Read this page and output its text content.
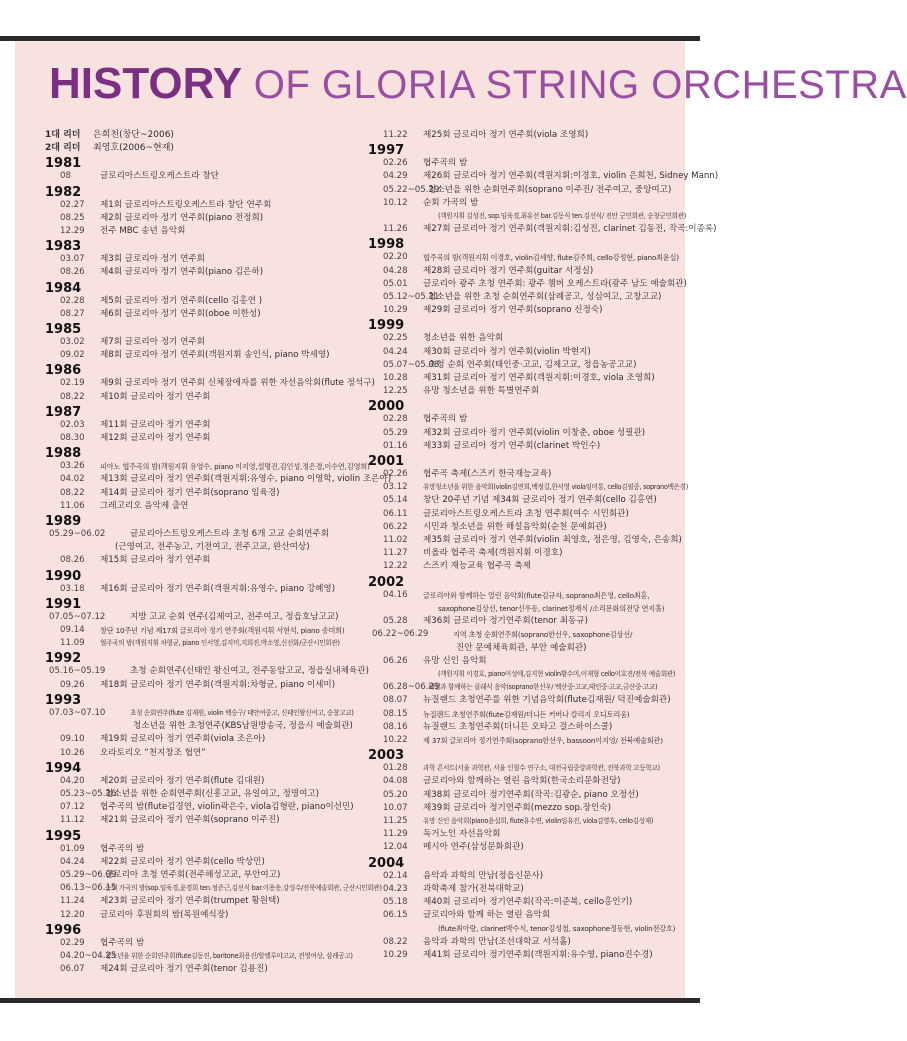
HISTORY OF GLORIA STRING ORCHESTRA
1대 리더	은희천(창단~2006)
2대 리더	최영호(2006~현재)
1981
08	글로리아스트링오케스트라 창단
1982
02.27	제1회 글로리아스트링오케스트라 창단 연주회
08.25	제2회 글로리아 정기 연주회(piano 전정희)
12.29	전주 MBC 송년 음악회
1983
03.07	제3회 글로리아 정기 연주회
08.26	제4회 글로리아 정기 연주회(piano 김은하)
1984
02.28	제5회 글로리아 정기 연주회(cello 김홍연 )
08.27	제6회 글로리아 정기 연주회(oboe 이한성)
1985
03.02	제7회 글로리아 정기 연주회
09.02	제8회 글로리아 정기 연주회(객원지휘 송인식, piano 박세영)
1986
02.19	제9회 글로리아 정기 연주회 신체장애자를 위한 자선음악회(flute 정석구)
08.22	제10회 글로리아 정기 연주회
1987
02.03	제11회 글로리아 정기 연주회
08.30	제12회 글로리아 정기 연주회
1988
03.26	피아노 협주곡의 밤(객원지휘 유영수, piano 이지영,설명진,김인성,정은경,이수연,김영희)
04.02	제13회 글로리아 정기 연주회(객원지휘:유영수, piano 이영학, violin 조은아)
08.22	제14회 글로리아 정기 연주회(soprano 임육경)
11.06	그레고리오 음악제 출연
1989
05.29~06.02	글로리아스트링오케스트라 초청 6개 고교 순회연주회
(근영여고, 전주농고, 기전여고, 전주고교, 완산여상)
08.26	제15회 글로리아 정기 연주회
1990
03.18	제16회 글로리아 정기 연주회(객원지휘:유영수, piano 강혜영)
1991
07.05~07.12	지방 고교 순회 연주(김제여고, 전주여고, 정읍호남고교)
09.14	창단 10주년 기념 제17회 글로리아 정기 연주회(객원지휘 서현석, piano 송미희)
11.09	협주곡의 밤(객원지휘 차형균, piano 인서영,김지미,지희진,박소영,신선화/군산시민회관)
1992
05.16~05.19	초청 순회연주(신태인 왕신여고, 전주동암고교, 정읍실내체육관)
09.26	제18회 글로리아 정기 연주회(객원지휘:차형균, piano 이세미)
1993
07.03~07.10	초청 순회연주(flute 김재원, violin 백승구/ 태안여중고, 신태인왕신여고, 순창고교)
청소년을 위한 초청연주(KBS남원방송국, 정읍시 예술회관)
09.10	제19회 글로리아 정기 연주회(viola 조은아)
10.26	오라토리오 “천지창조 협연”
1994
04.20	제20회 글로리아 정기 연주회(flute 김대원)
05.23~05.26
청소년을 위한 순회연주회(신흥고교, 유일여고, 정명여고)
07.12	협주곡의 밤(flute김경연, violin곽은수, viola김형란, piano이선민)
11.12	제21회 글로리아 정기 연주회(soprano 이주진)
1995
01.09	협주곡의 밤
04.24	제22회 글로리아 정기 연주회(cello 박상민)
05.29~06.09
글로리아 초청 연주회(전주해성고교, 부안여고)
06.13~06.15
순회 가곡의 밤(sop.임육경,윤경희 ten.정준근,김선식 bar.이용송,강성수/전북예술회관, 군산시민회관)
11.24	제23회 글로리아 정기 연주회(trumpet 황원택)
12.20	글로리아 후원회의 밤(목원예식장)
1996
02.29	협주곡의 밤
04.20~04.25
청소년을 위한 순회연주회(flute김동진, baritone최용진/할렐루야고교, 전영여상, 삼례공고)
06.07	제24회 글로리아 정기 연주회(tenor 김용진)
11.22	제25회 글로리아 정기 연주회(viola 조영희)
1997
02.26	협주곡의 밤
04.29	제26회 글로리아 정기 연주회(객원지휘:이경호, violin 은희천, Sidney Mann)
05.22~05.29
청소년을 위한 순회연주회(soprano 이주진/ 전주여고, 중앙여고)
10.12	순회 가곡의 밤
(객원지휘 김성진, sop.임육경,최유선 bar.김동식 ten.김선식/ 진안 군민회관, 순창군민회관)
11.26	제27회 글로리아 정기 연주회(객원지휘:김성진, clarinet 김동진, 작곡:이종록)
1998
02.20	협주곡의 밤(객원지휘 이경호, violin김세향, flute김주희, cello강정현, piano최윤실)
04.28	제28회 글로리아 정기 연주회(guitar 서정실)
05.01	글로리아 광주 초청 연주회: 광주 챔버 오케스트라(광주 남도 예술회관)
05.12~05.21
청소년을 위한 초청 순회연주회(삼례공고, 성심여고, 고창고교)
10.29	제29회 글로리아 정기 연주회(soprano 신정숙)
1999
02.25	청소년을 위한 음악회
04.24	제30회 글로리아 정기 연주회(violin 박현지)
05.07~05.08
초청 순회 연주회(태인중·고교, 김제고교, 정읍농공고교)
10.28	제31회 글로리아 정기 연주회(객원지휘:이경호, viola 조영희)
12.25	유망 청소년을 위한 특별연주회
2000
02.28	협주곡의 밤
05.29	제32회 글로리아 정기 연주회(violin 이창춘, oboe 성필관)
01.16	제33회 글로리아 정기 연주회(clarinet 박인수)
2001
02.26	협주곡 축제(스즈키 한국재능교육)
03.12	유망청소년을 위한 음악회(violin김연희,백정길,한서영 viola임미통, cello김필중, soprano백은경)
05.14	창단 20주년 기념 제34회 글로리아 정기 연주회(cello 김홍연)
06.11	글로리아스트링오케스트라 초청 연주회(여수 시민회관)
06.22	시민과 청소년을 위한 해설음악회(순천 문예회관)
11.02	제35회 글로리아 정기 연주회(violin 최영호, 정은영, 김영숙, 은송희)
11.27	비올라 협주곡 축제(객원지휘 이경호)
12.22	스즈키 재능교육 협주곡 축제
2002
04.16	글로리아와 함께하는 열린 음악회(flute김규자, soprano최은영, cello최훈,
saxophone김상선, tenor신우동, clarinet정재식 /소리문화의전당 연지홀)
05.28	제36회 글로리아 정기연주회(tenor 최동규)
06.22~06.29	지역 초청 순회연주회(soprano한선우, saxophone김상선/
진안 문예체육회관, 부안 예술회관)
06.26	유망 신인 음악회
(객원지휘 이경호, piano이성애,김지현 violin황수미,이재형 cello이호진/전북 예술회관)
06.28~06.29
해설과 함께하는 클래식 음악(soprano한선우/ 백산중·고교,태인중·고교,금산중·고교)
08.07	뉴질랜드 초청연주를 위한 기념음악회(flute김재원/ 덕진예술회관)
08.15	뉴질랜드 초청연주회(flute김재원/더니든 커버나 칼리지 오디토리움)
08.16	뉴질랜드 초청연주회(더니든 오타고 걸스하이스쿨)
10.22	제 37회 글로리아 정기연주회(soprano한선우, bassoon이지영/ 전북예술회관)
2003
01.28	과학 콘서트(서울 과학관, 서울 인철수 연구소, 대전국립중앙과학관, 전북과학 고등학교)
04.08	글로리아와 함께하는 열린 음악회(한국소리문화전당)
05.20	제38회 글로리아 정기연주회(작곡:김광순, piano 오정선)
10.07	제39회 글로리아 정기연주회(mezzo sop.장인숙)
11.25	유망 신인 음악회(piano윤설희, flute유수연, violin임유진, viola김영후, cello김성재)
11.29	독거노인 자선음악회
12.04	메시아 연주(삼성문화회관)
2004
02.14	음악과 과학의 만남(정읍신문사)
04.23	과학축제 참가(전북대학교)
05.18	제40회 글로리아 정기연주회(작곡:이준복, cello홍인기)
06.15	글로리아와 함께 하는 열린 음악회
(flute최아랑, clarinet박수식, tenor김성철, saxophone정동현, violin전강호)
08.22	음악과 과학의 만남(조선대학교 서석홀)
10.29	제41회 글로리아 정기연주회(객원지휘:유수영, piano진수경)
